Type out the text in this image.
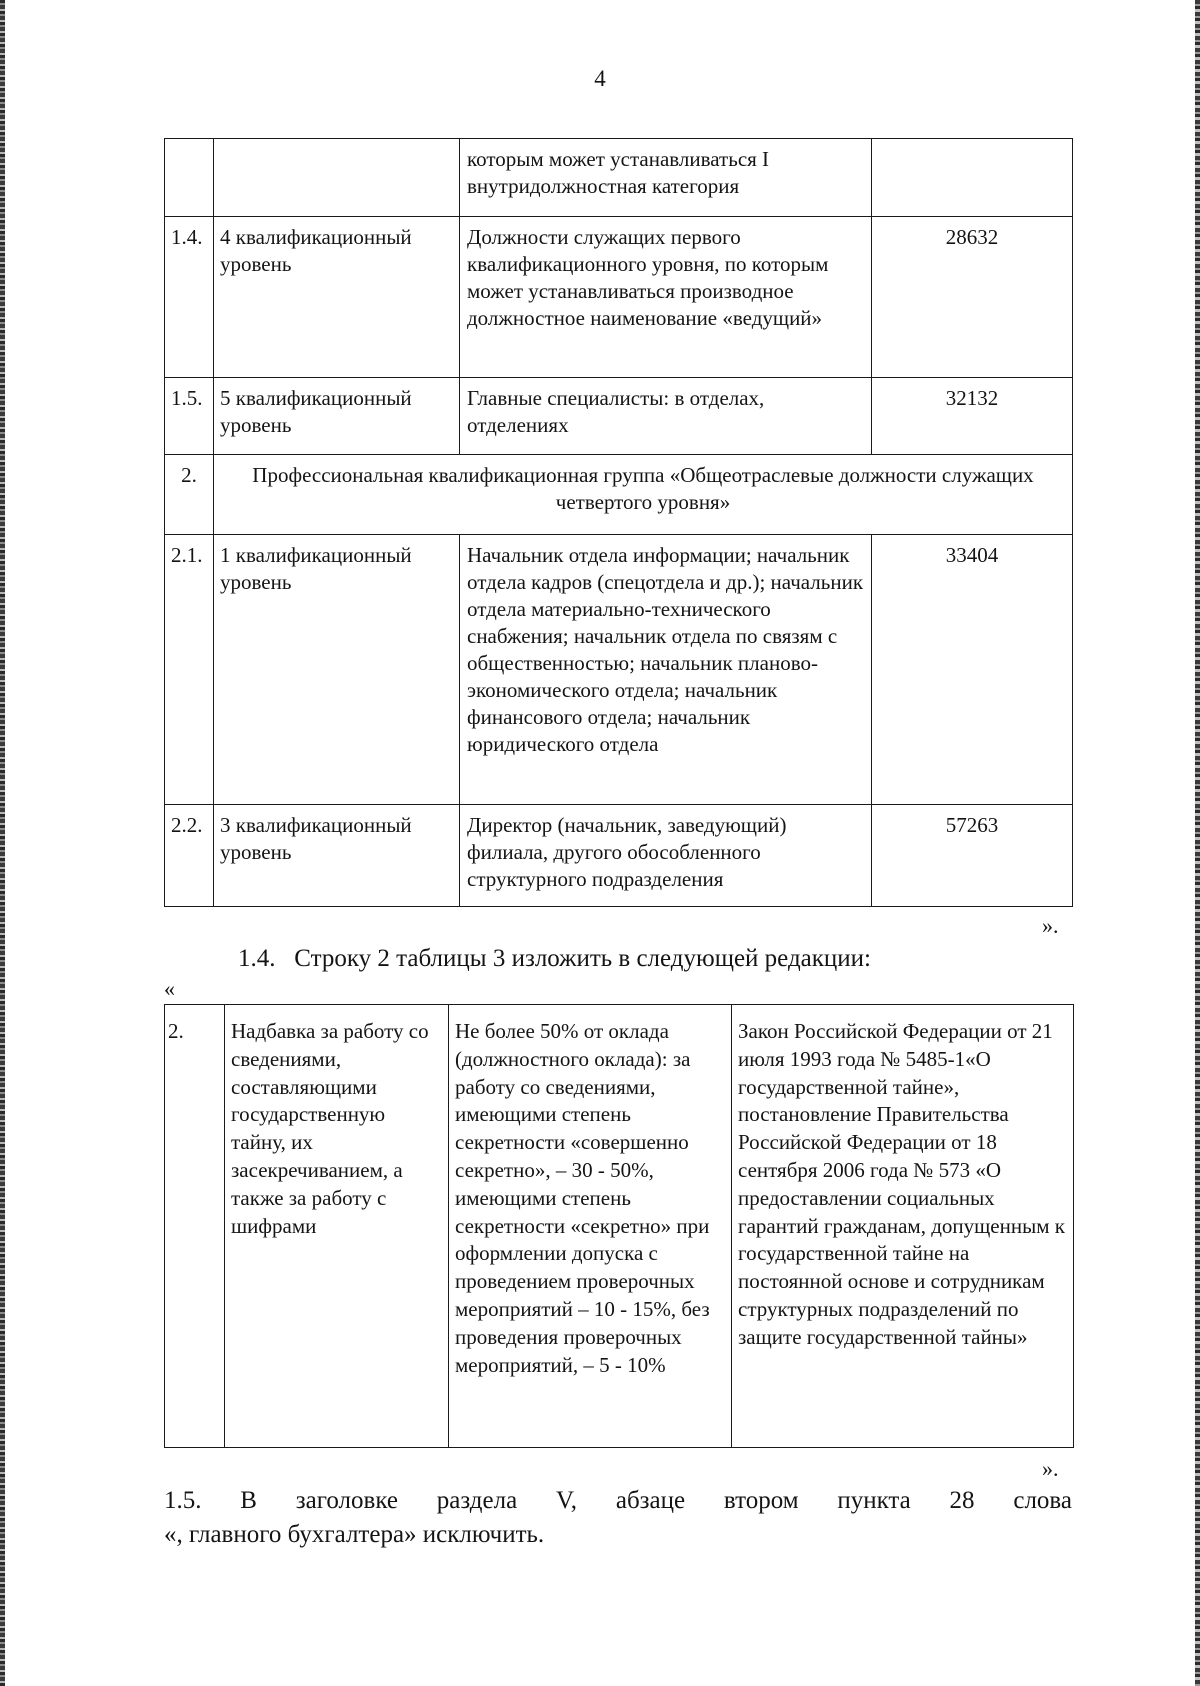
4
		которым может устанавливаться I внутридолжностная категория	
1.4.	4 квалификационный уровень	Должности служащих первого квалификационного уровня, по которым может устанавливаться производное должностное наименование «ведущий»	28632
1.5.	5 квалификационный уровень	Главные специалисты: в отделах, отделениях	32132
2.	Профессиональная квалификационная группа «Общеотраслевые должности служащих четвертого уровня»		
2.1.	1 квалификационный уровень	Начальник отдела информации; начальник отдела кадров (спецотдела и др.); начальник отдела материально-технического снабжения; начальник отдела по связям с общественностью; начальник планово-экономического отдела; начальник финансового отдела; начальник юридического отдела	33404
2.2.	3 квалификационный уровень	Директор (начальник, заведующий) филиала, другого обособленного структурного подразделения	57263
».
1.4.   Строку 2 таблицы 3 изложить в следующей редакции:
«
2.	Надбавка за работу со сведениями, составляющими государственную тайну, их засекречиванием, а также за работу с шифрами	Не более 50% от оклада (должностного оклада): за работу со сведениями, имеющими степень секретности «совершенно секретно», – 30 - 50%, имеющими степень секретности «секретно» при оформлении допуска с проведением проверочных мероприятий – 10 - 15%, без проведения проверочных мероприятий, – 5 - 10%	Закон Российской Федерации от 21 июля 1993 года № 5485-1«О государственной тайне», постановление Правительства Российской Федерации от 18 сентября 2006 года № 573 «О предоставлении социальных гарантий гражданам, допущенным к государственной тайне на постоянной основе и сотрудникам структурных подразделений по защите государственной тайны»
».
1.5. В заголовке раздела V, абзаце втором пункта 28 слова
«, главного бухгалтера» исключить.
